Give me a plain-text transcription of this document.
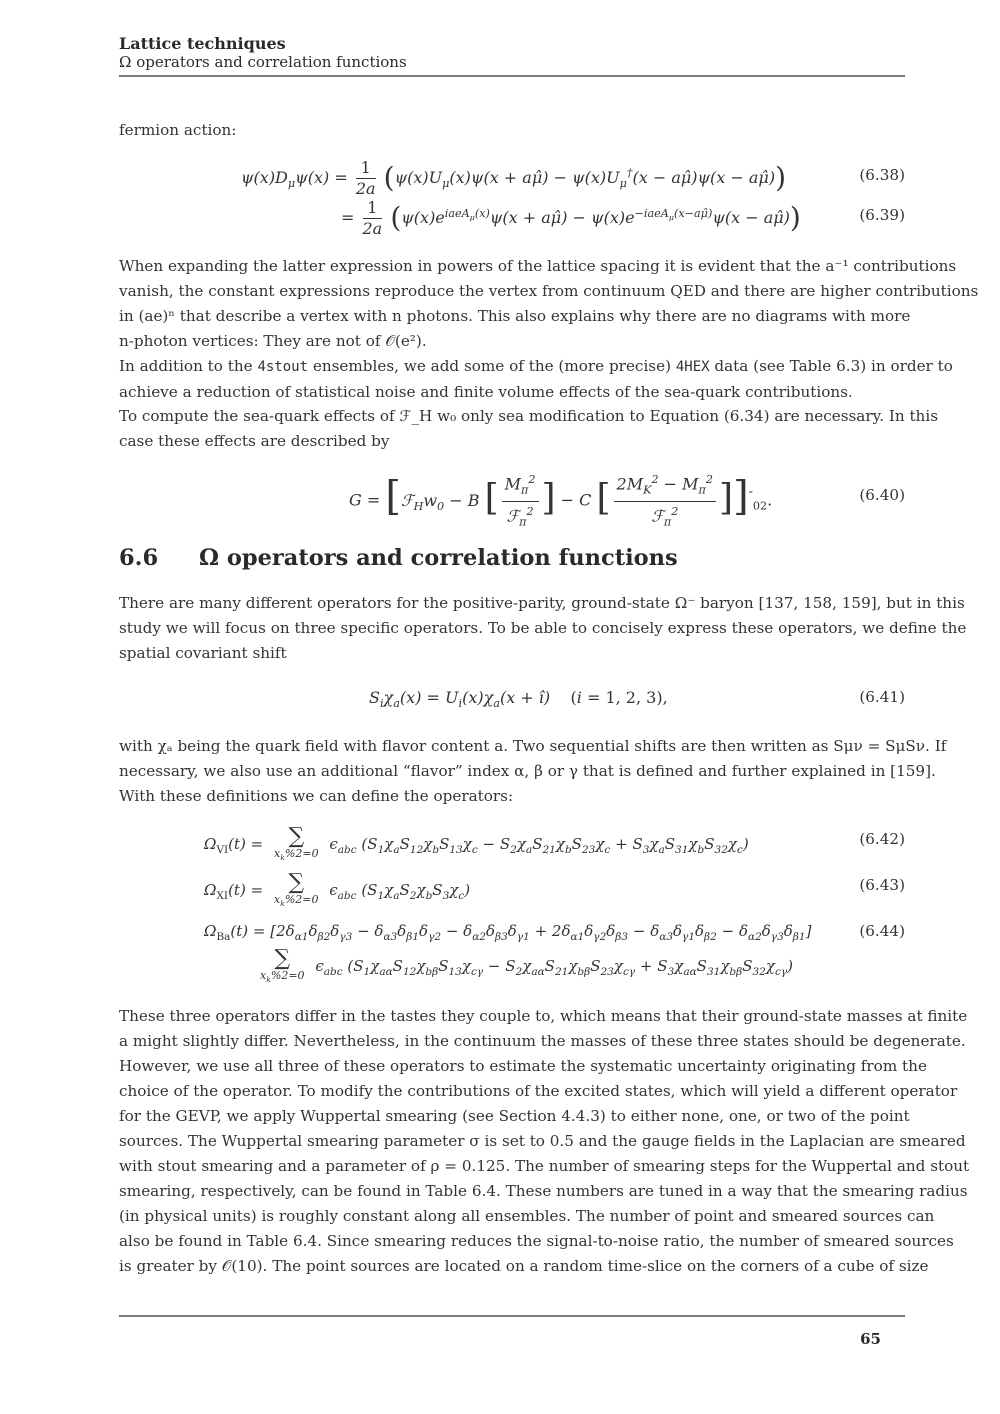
Lattice techniques
Ω operators and correlation functions
fermion action:
$\psi(x)D_\mu\psi(x) = \frac{1}{2a} (\psi(x)U_\mu(x)\psi(x$ + aμ̂) − $\psi(x)U_\mu^\dagger(x$ − aμ̂)ψ(x − aμ̂))	(6.38)
= $\frac{1}{2a} (\psi(x)e^{iaeA_\mu(x)}\psi(x$ + aμ̂) − $\psi(x)e^{-iaeA_\mu(x-a\mû)}\psi(x$ − aμ̂))	(6.39)
When expanding the latter expression in powers of the lattice spacing it is evident that the a⁻¹ contributions
vanish, the constant expressions reproduce the vertex from continuum QED and there are higher contributions
in (ae)ⁿ that describe a vertex with n photons. This also explains why there are no diagrams with more
n-photon vertices: They are not of 𝒪(e²).
In addition to the 4stout ensembles, we add some of the (more precise) 4HEX data (see Table 6.3) in order to
achieve a reduction of statistical noise and finite volume effects of the sea-quark contributions.
To compute the sea-quark effects of ℱ_H w₀ only sea modification to Equation (6.34) are necessary. In this
case these effects are described by
$G = [ℱ_Hw_0 - B$ [ $\frac{M_\pi^2}{ℱ_\pi^2}$ ] − C [ $\frac{2M_K^2 - M_\pi^2}{ℱ_\pi^2} ]]''_{02}$.	(6.40)
6.6 Ω operators and correlation functions
There are many different operators for the positive-parity, ground-state Ω⁻ baryon [137, 158, 159], but in this
study we will focus on three specific operators. To be able to concisely express these operators, we define the
spatial covariant shift
$S_i\chi_a(x) = U_i(x)\chi_a(x$ + î)    (i = 1, 2, 3),	(6.41)
with χₐ being the quark field with flavor content a. Two sequential shifts are then written as Sμν = SμSν. If
necessary, we also use an additional “flavor” index α, β or γ that is defined and further explained in [159].
With these definitions we can define the operators:
$\Omega_{VI}(t)$ =	∑
$x_k\%2=0$
$\epsilon_{abc}$ $(S_1\chi_aS_{12}\chi_bS_{13}\chi_c - S_2\chi_aS_{21}\chi_bS_{23}\chi_c + S_3\chi_aS_{31}\chi_bS_{32}\chi_c)$	(6.42)
$\Omega_{XI}(t)$ =	∑
$x_k\%2=0$
$\epsilon_{abc}$ $(S_1\chi_aS_2\chi_bS_3\chi_c)$	(6.43)
$\Omega_{Ba}(t) = [2\delta_{\alpha 1}\delta_{\beta 2}\delta_{\gamma 3} - \delta_{\alpha 3}\delta_{\beta 1}\delta_{\gamma 2} - \delta_{\alpha 2}\delta_{\beta 3}\delta_{\gamma 1} + 2\delta_{\alpha 1}\delta_{\gamma 2}\delta_{\beta 3} - \delta_{\alpha 3}\delta_{\gamma 1}\delta_{\beta 2} - \delta_{\alpha 2}\delta_{\gamma 3}\delta_{\beta 1}]$	(6.44)
∑
$x_k\%2=0$
$\epsilon_{abc}$ $(S_1\chi_{a\alpha}S_{12}\chi_{b\beta}S_{13}\chi_{c\gamma} - S_2\chi_{a\alpha}S_{21}\chi_{b\beta}S_{23}\chi_{c\gamma} + S_3\chi_{a\alpha}S_{31}\chi_{b\beta}S_{32}\chi_{c\gamma})$
These three operators differ in the tastes they couple to, which means that their ground-state masses at finite
a might slightly differ. Nevertheless, in the continuum the masses of these three states should be degenerate.
However, we use all three of these operators to estimate the systematic uncertainty originating from the
choice of the operator. To modify the contributions of the excited states, which will yield a different operator
for the GEVP, we apply Wuppertal smearing (see Section 4.4.3) to either none, one, or two of the point
sources. The Wuppertal smearing parameter σ is set to 0.5 and the gauge fields in the Laplacian are smeared
with stout smearing and a parameter of ρ = 0.125. The number of smearing steps for the Wuppertal and stout
smearing, respectively, can be found in Table 6.4. These numbers are tuned in a way that the smearing radius
(in physical units) is roughly constant along all ensembles. The number of point and smeared sources can
also be found in Table 6.4. Since smearing reduces the signal-to-noise ratio, the number of smeared sources
is greater by 𝒪(10). The point sources are located on a random time-slice on the corners of a cube of size
65
